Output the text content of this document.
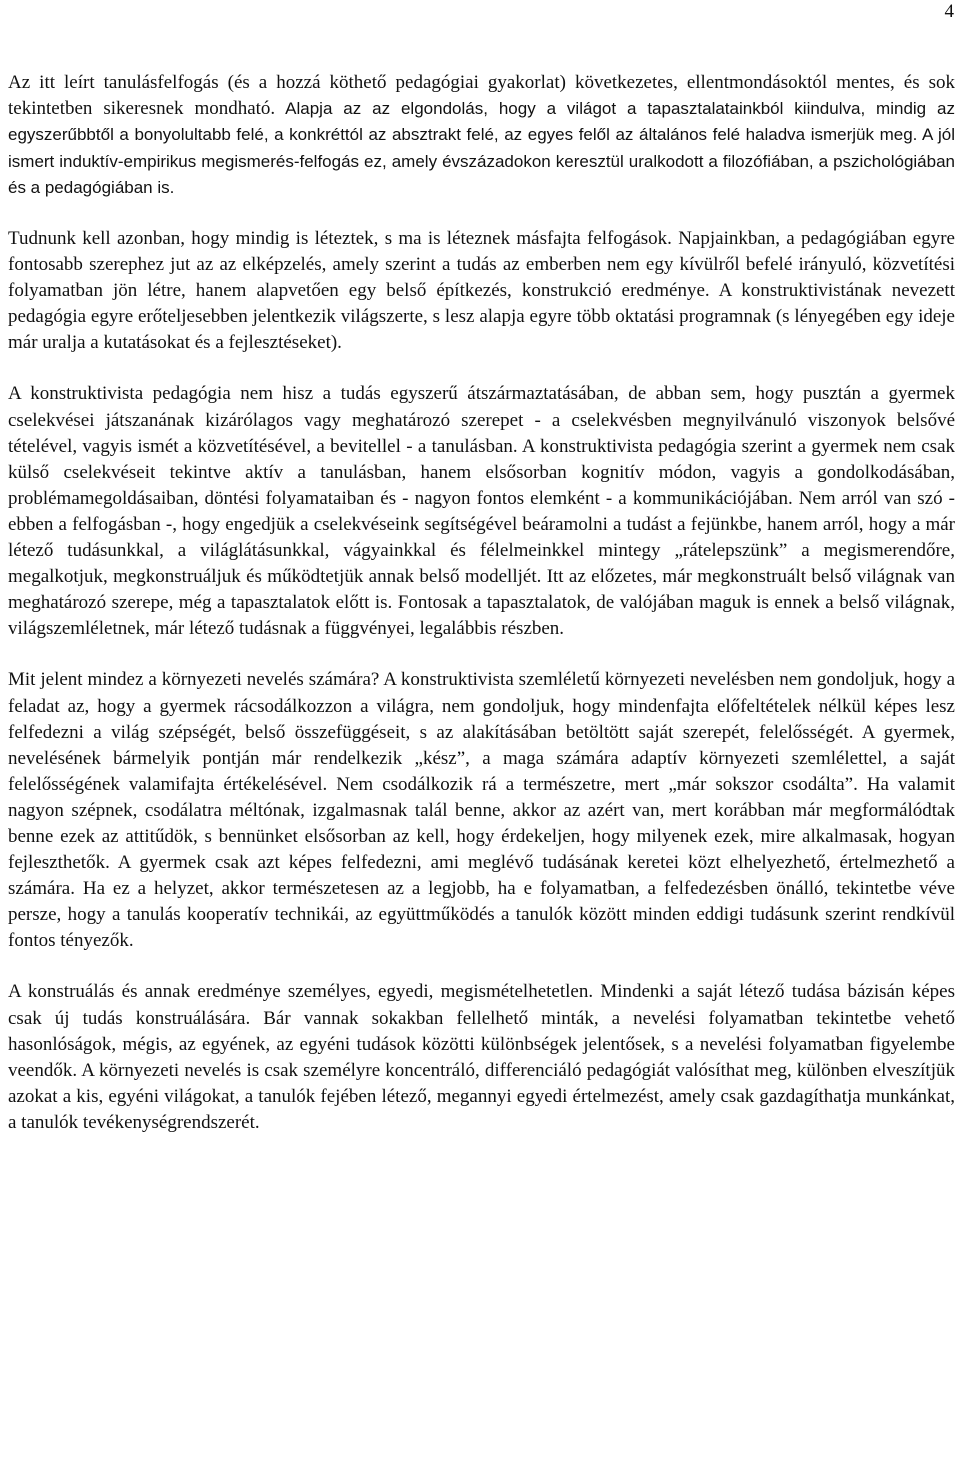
4

Az itt leírt tanulásfelfogás (és a hozzá köthető pedagógiai gyakorlat) következetes, ellentmondásoktól mentes, és sok tekintetben sikeresnek mondható. Alapja az az elgondolás, hogy a világot a tapasztalatainkból kiindulva, mindig az egyszerűbbtől a bonyolultabb felé, a konkréttól az absztrakt felé, az egyes felől az általános felé haladva ismerjük meg. A jól ismert induktív-empirikus megismerés-felfogás ez, amely évszázadokon keresztül uralkodott a filozófiában, a pszichológiában és a pedagógiában is.

Tudnunk kell azonban, hogy mindig is léteztek, s ma is léteznek másfajta felfogások. Napjainkban, a pedagógiában egyre fontosabb szerephez jut az az elképzelés, amely szerint a tudás az emberben nem egy kívülről befelé irányuló, közvetítési folyamatban jön létre, hanem alapvetően egy belső építkezés, konstrukció eredménye. A konstruktivistának nevezett pedagógia egyre erőteljesebben jelentkezik világszerte, s lesz alapja egyre több oktatási programnak (s lényegében egy ideje már uralja a kutatásokat és a fejlesztéseket).

A konstruktivista pedagógia nem hisz a tudás egyszerű átszármaztatásában, de abban sem, hogy pusztán a gyermek cselekvései játszanának kizárólagos vagy meghatározó szerepet - a cselekvésben megnyilvánuló viszonyok belsővé tételével, vagyis ismét a közvetítésével, a bevitellel - a tanulásban. A konstruktivista pedagógia szerint a gyermek nem csak külső cselekvéseit tekintve aktív a tanulásban, hanem elsősorban kognitív módon, vagyis a gondolkodásában, problémamegoldásaiban, döntési folyamataiban és - nagyon fontos elemként - a kommunikációjában. Nem arról van szó - ebben a felfogásban -, hogy engedjük a cselekvéseink segítségével beáramolni a tudást a fejünkbe, hanem arról, hogy a már létező tudásunkkal, a világlátásunkkal, vágyainkkal és félelmeinkkel mintegy „rátelepszünk” a megismerendőre, megalkotjuk, megkonstruáljuk és működtetjük annak belső modelljét. Itt az előzetes, már megkonstruált belső világnak van meghatározó szerepe, még a tapasztalatok előtt is. Fontosak a tapasztalatok, de valójában maguk is ennek a belső világnak, világszemléletnek, már létező tudásnak a függvényei, legalábbis részben.

Mit jelent mindez a környezeti nevelés számára? A konstruktivista szemléletű környezeti nevelésben nem gondoljuk, hogy a feladat az, hogy a gyermek rácsodálkozzon a világra, nem gondoljuk, hogy mindenfajta előfeltételek nélkül képes lesz felfedezni a világ szépségét, belső összefüggéseit, s az alakításában betöltött saját szerepét, felelősségét. A gyermek, nevelésének bármelyik pontján már rendelkezik „kész”, a maga számára adaptív környezeti szemlélettel, a saját felelősségének valamifajta értékelésével. Nem csodálkozik rá a természetre, mert „már sokszor csodálta”. Ha valamit nagyon szépnek, csodálatra méltónak, izgalmasnak talál benne, akkor az azért van, mert korábban már megformálódtak benne ezek az attitűdök, s bennünket elsősorban az kell, hogy érdekeljen, hogy milyenek ezek, mire alkalmasak, hogyan fejleszthetők. A gyermek csak azt képes felfedezni, ami meglévő tudásának keretei közt elhelyezhető, értelmezhető a számára. Ha ez a helyzet, akkor természetesen az a legjobb, ha e folyamatban, a felfedezésben önálló, tekintetbe véve persze, hogy a tanulás kooperatív technikái, az együttműködés a tanulók között minden eddigi tudásunk szerint rendkívül fontos tényezők.

A konstruálás és annak eredménye személyes, egyedi, megismételhetetlen. Mindenki a saját létező tudása bázisán képes csak új tudás konstruálására. Bár vannak sokakban fellelhető minták, a nevelési folyamatban tekintetbe vehető hasonlóságok, mégis, az egyének, az egyéni tudások közötti különbségek jelentősek, s a nevelési folyamatban figyelembe veendők. A környezeti nevelés is csak személyre koncentráló, differenciáló pedagógiát valósíthat meg, különben elveszítjük azokat a kis, egyéni világokat, a tanulók fejében létező, megannyi egyedi értelmezést, amely csak gazdagíthatja munkánkat, a tanulók tevékenységrendszerét.
